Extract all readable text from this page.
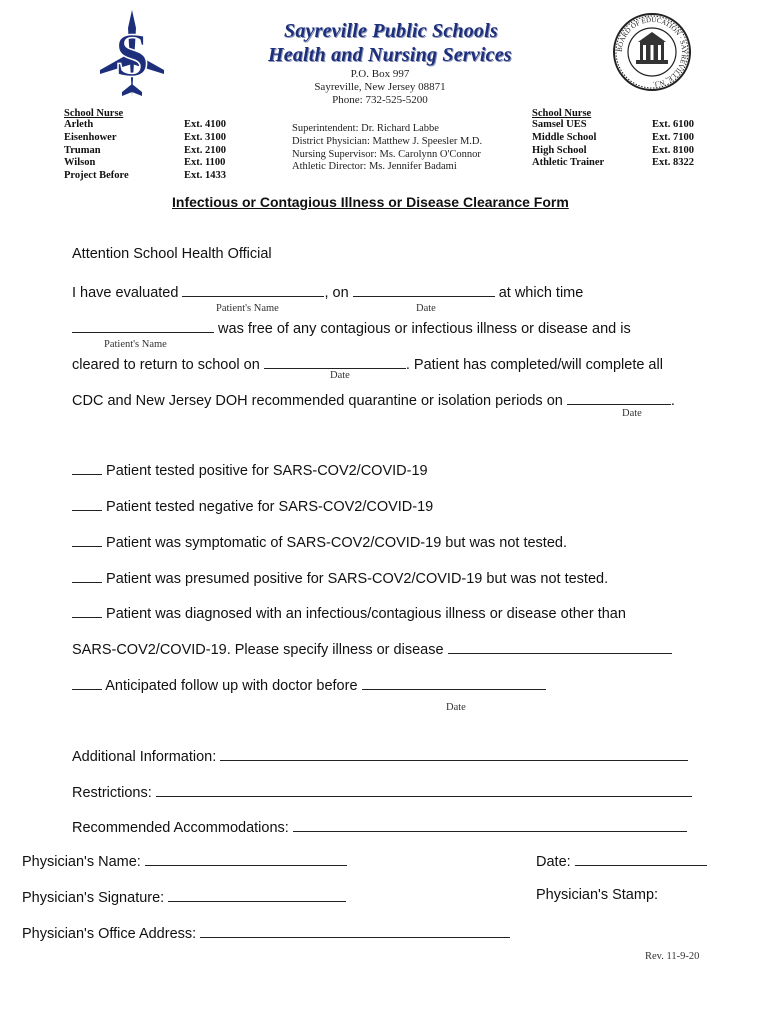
S	Sayreville Public Schools
Health and Nursing Services
P.O. Box 997
Sayreville, New Jersey 08871
Phone: 732-525-5200
BOARD OF EDUCATION · SAYREVILLE, N.J.
School Nurse
Arleth	Ext. 4100
Eisenhower	Ext. 3100
Truman	Ext. 2100
Wilson	Ext. 1100
Project Before	Ext. 1433
Superintendent: Dr. Richard Labbe
District Physician: Matthew J. Speesler M.D.
Nursing Supervisor: Ms. Carolynn O'Connor
Athletic Director: Ms. Jennifer Badami
School Nurse
Samsel UES	Ext. 6100
Middle School	Ext. 7100
High School	Ext. 8100
Athletic Trainer	Ext. 8322
Infectious or Contagious Illness or Disease Clearance Form
Attention School Health Official
I have evaluated	, on	at which time
Patient's Name	Date
was free of any contagious or infectious illness or disease and is
Patient's Name
cleared to return to school on	. Patient has completed/will complete all
Date
CDC and New Jersey DOH recommended quarantine or isolation periods on	.
Date
Patient tested positive for SARS-COV2/COVID-19
Patient tested negative for SARS-COV2/COVID-19
Patient was symptomatic of SARS-COV2/COVID-19 but was not tested.
Patient was presumed positive for SARS-COV2/COVID-19 but was not tested.
Patient was diagnosed with an infectious/contagious illness or disease other than
SARS-COV2/COVID-19. Please specify illness or disease
Anticipated follow up with doctor before
Date
Additional Information:
Restrictions:
Recommended Accommodations:
Physician's Name:	Date:
Physician's Signature:	Physician's Stamp:
Physician's Office Address:
Rev. 11-9-20
